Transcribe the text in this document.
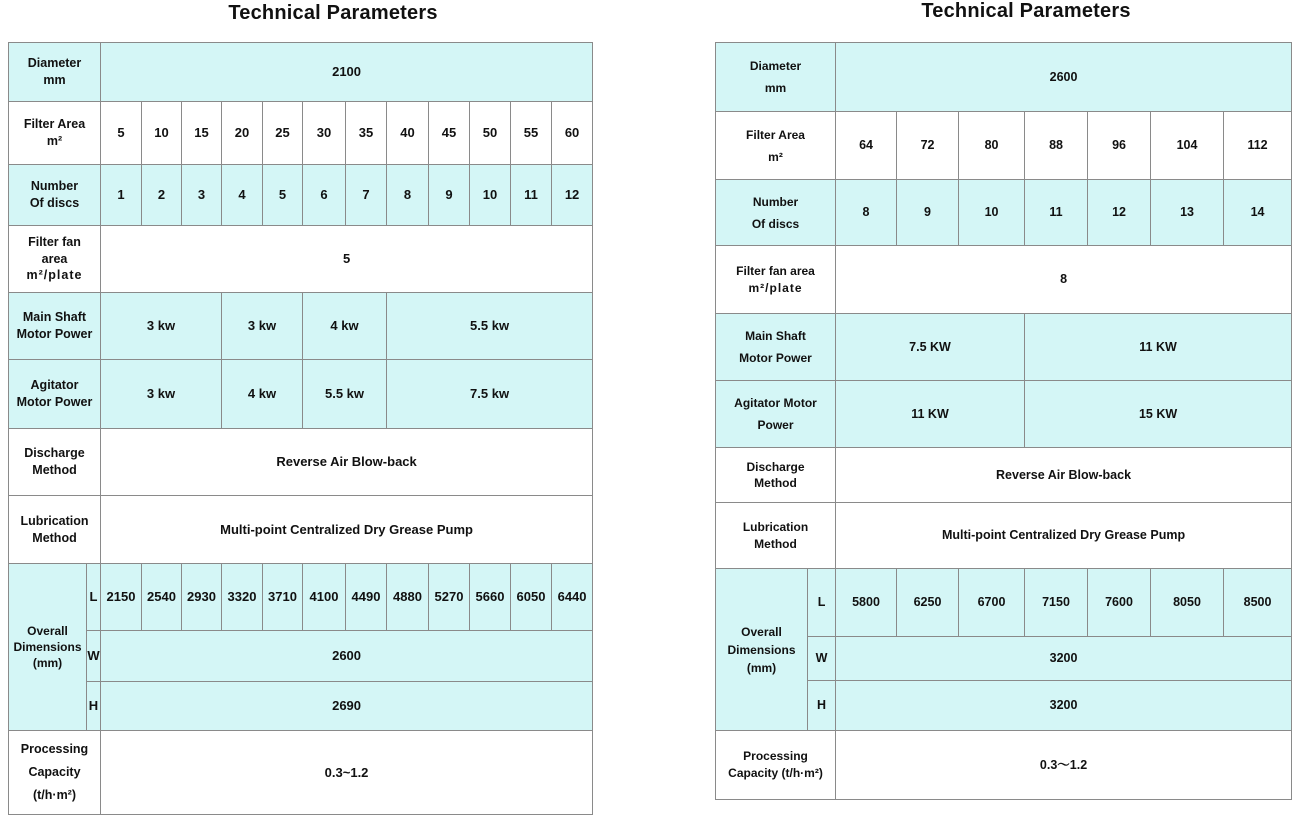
Technical Parameters	Technical Parameters
Diameter
mm		2100											

Filter Area
m²		5	10	15	20	25	30	35	40	45	50	55	60

Number
Of discs		1	2	3	4	5	6	7	8	9	10	11	12

Filter fan
area
m²/plate		5											

Main Shaft
Motor Power		3 kw			3 kw		4 kw		5.5 kw				

Agitator
Motor Power		3 kw			4 kw		5.5 kw		7.5 kw				

Discharge
Method		Reverse Air Blow-back											

Lubrication
Method		Multi-point Centralized Dry Grease Pump											

Overall
Dimensions
(mm)	L	2150	2540	2930	3320	3710	4100	4490	4880	5270	5660	6050	6440
	W	2600											
	H	2690											

Processing
Capacity
(t/h·m²)		0.3~1.2											
Diameter
mm		2600						

Filter Area
m²		64	72	80	88	96	104	112

Number
Of discs		8	9	10	11	12	13	14

Filter fan area
m²/plate		8						

Main Shaft
Motor Power		7.5 KW			11 KW			

Agitator Motor
Power		11 KW			15 KW			

Discharge
Method		Reverse Air Blow-back						

Lubrication
Method		Multi-point Centralized Dry Grease Pump						

Overall
Dimensions
(mm)	L	5800	6250	6700	7150	7600	8050	8500
	W	3200						
	H	3200						

Processing
Capacity (t/h·m²)		0.3～1.2						
